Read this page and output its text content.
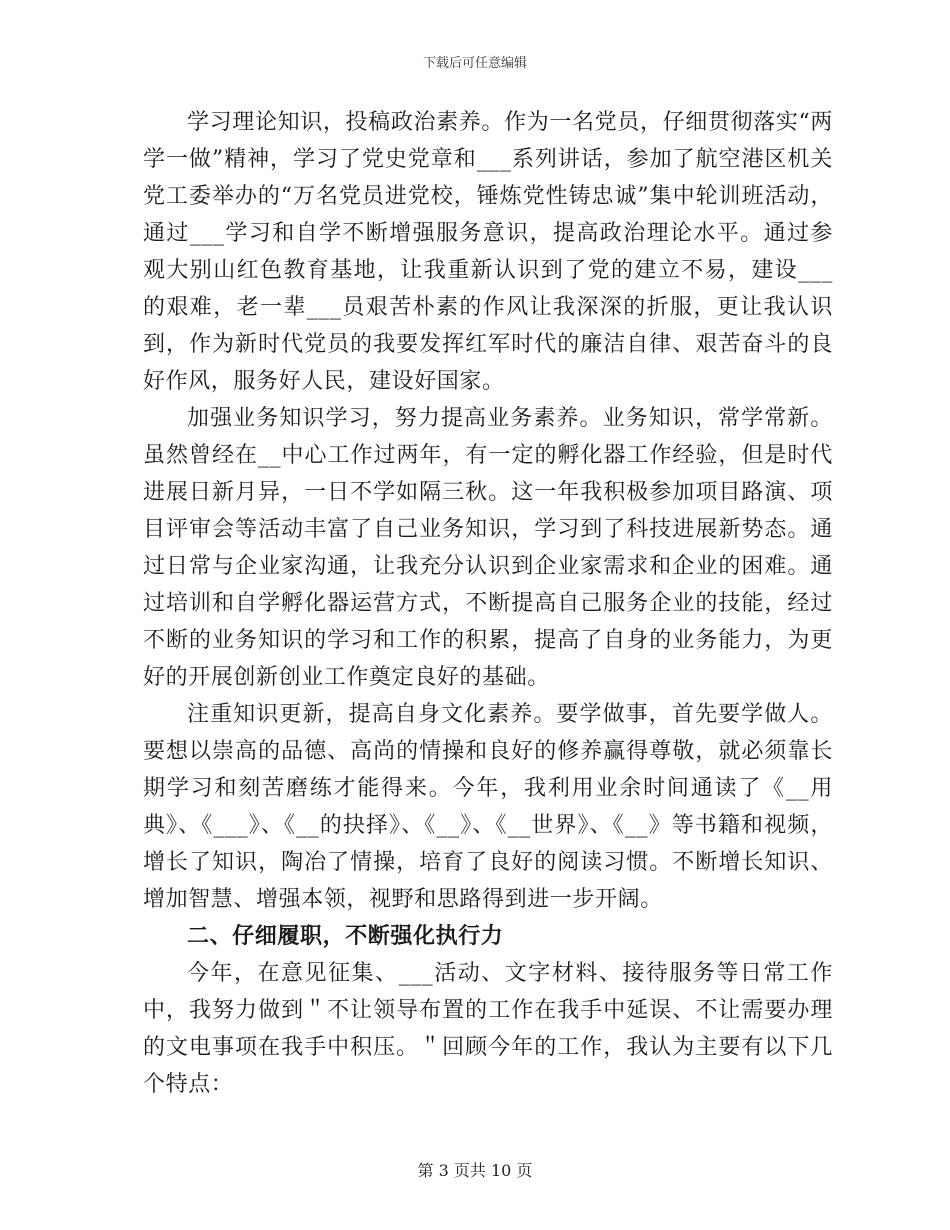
下载后可任意编辑

学习理论知识，投稿政治素养。作为一名党员，仔细贯彻落实“两学一做”精神，学习了党史党章和___系列讲话，参加了航空港区机关党工委举办的“万名党员进党校，锤炼党性铸忠诚”集中轮训班活动，通过___学习和自学不断增强服务意识，提高政治理论水平。通过参观大别山红色教育基地，让我重新认识到了党的建立不易，建设___的艰难，老一辈___员艰苦朴素的作风让我深深的折服，更让我认识到，作为新时代党员的我要发挥红军时代的廉洁自律、艰苦奋斗的良好作风，服务好人民，建设好国家。

加强业务知识学习，努力提高业务素养。业务知识，常学常新。虽然曾经在__中心工作过两年，有一定的孵化器工作经验，但是时代进展日新月异，一日不学如隔三秋。这一年我积极参加项目路演、项目评审会等活动丰富了自己业务知识，学习到了科技进展新势态。通过日常与企业家沟通，让我充分认识到企业家需求和企业的困难。通过培训和自学孵化器运营方式，不断提高自己服务企业的技能，经过不断的业务知识的学习和工作的积累，提高了自身的业务能力，为更好的开展创新创业工作奠定良好的基础。

注重知识更新，提高自身文化素养。要学做事，首先要学做人。要想以崇高的品德、高尚的情操和良好的修养赢得尊敬，就必须靠长期学习和刻苦磨练才能得来。今年，我利用业余时间通读了《__用典》、《___》、《__的抉择》、《__》、《__世界》、《__》等书籍和视频，增长了知识，陶冶了情操，培育了良好的阅读习惯。不断增长知识、增加智慧、增强本领，视野和思路得到进一步开阔。

二、仔细履职，不断强化执行力

今年，在意见征集、___活动、文字材料、接待服务等日常工作中，我努力做到＂不让领导布置的工作在我手中延误、不让需要办理的文电事项在我手中积压。＂回顾今年的工作，我认为主要有以下几个特点：

第 3 页共 10 页
